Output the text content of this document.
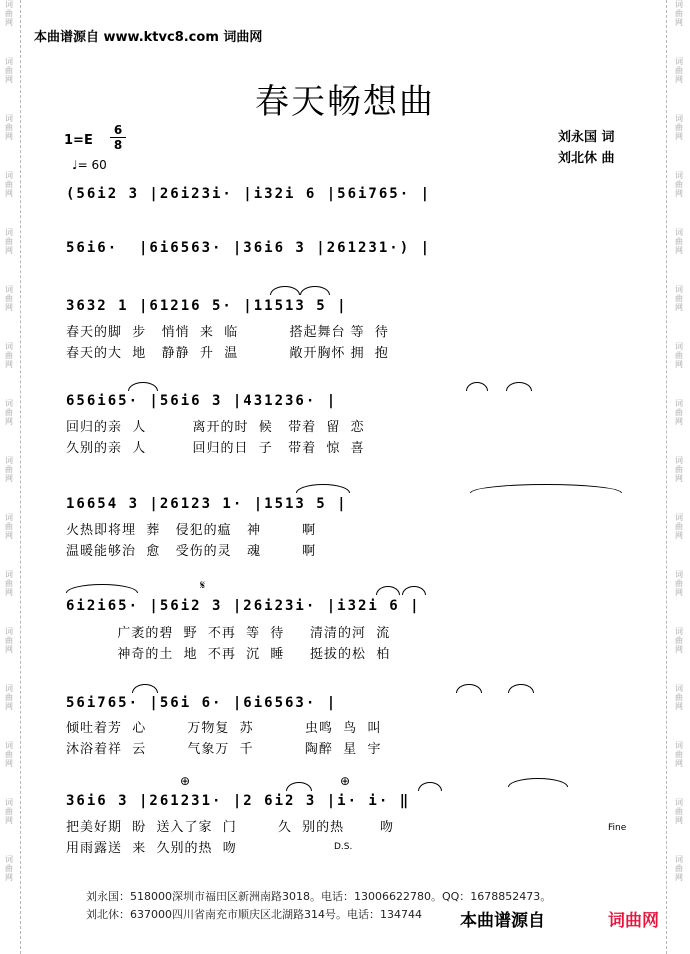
词
曲
网
词
曲
网
词
曲
网
词
曲
网
词
曲
网
词
曲
网
词
曲
网
词
曲
网
词
曲
网
词
曲
网
词
曲
网
词
曲
网
词
曲
网
词
曲
网
词
曲
网
词
曲
网
词
曲
网
词
曲
网
词
曲
网
词
曲
网
词
曲
网
词
曲
网
词
曲
网
词
曲
网
词
曲
网
词
曲
网
词
曲
网
词
曲
网
词
曲
网
词
曲
网
词
曲
网
词
曲
网
本曲谱源自 www.ktvc8.com 词曲网
春天畅想曲
1=E
6
8
♩= 60
刘永国 词
刘北休 曲
(56i2 3 |26i23i· |i32i 6 |56i765· |
56i6·  |6i6563· |36i6 3 |261231·) |
3632 1 |61216 5· |11513 5 |
春天的脚  步   悄悄  来  临          搭起舞台 等  待
春天的大  地   静静  升  温          敞开胸怀 拥  抱
656i65· |56i6 3 |431236· |
回归的亲  人         离开的时  候   带着  留  恋
久别的亲  人         回归的日  子   带着  惊  喜
16654 3 |26123 1· |1513 5 |
火热即将埋  葬   侵犯的瘟   神        啊
温暖能够治  愈   受伤的灵   魂        啊
6i2i65· |56i2 3 |26i23i· |i32i 6 |
广袤的碧  野  不再  等  待     清清的河  流
神奇的土  地  不再  沉  睡     挺拔的松  柏
56i765· |56i 6· |6i6563· |
倾吐着芳  心        万物复  苏          虫鸣  鸟  叫
沐浴着祥  云        气象万  千          陶醉  星  宇
36i6 3 |261231· |2 6i2 3 |i· i· ‖
把美好期  盼  送入了家  门        久  别的热       吻
用雨露送  来  久别的热  吻
𝄋
⊕	⊕
Fine
D.S.
刘永国：518000深圳市福田区新洲南路3018。电话：13006622780。QQ：1678852473。
刘北休：637000四川省南充市顺庆区北湖路314号。电话：134744 本曲谱源自	词曲网
